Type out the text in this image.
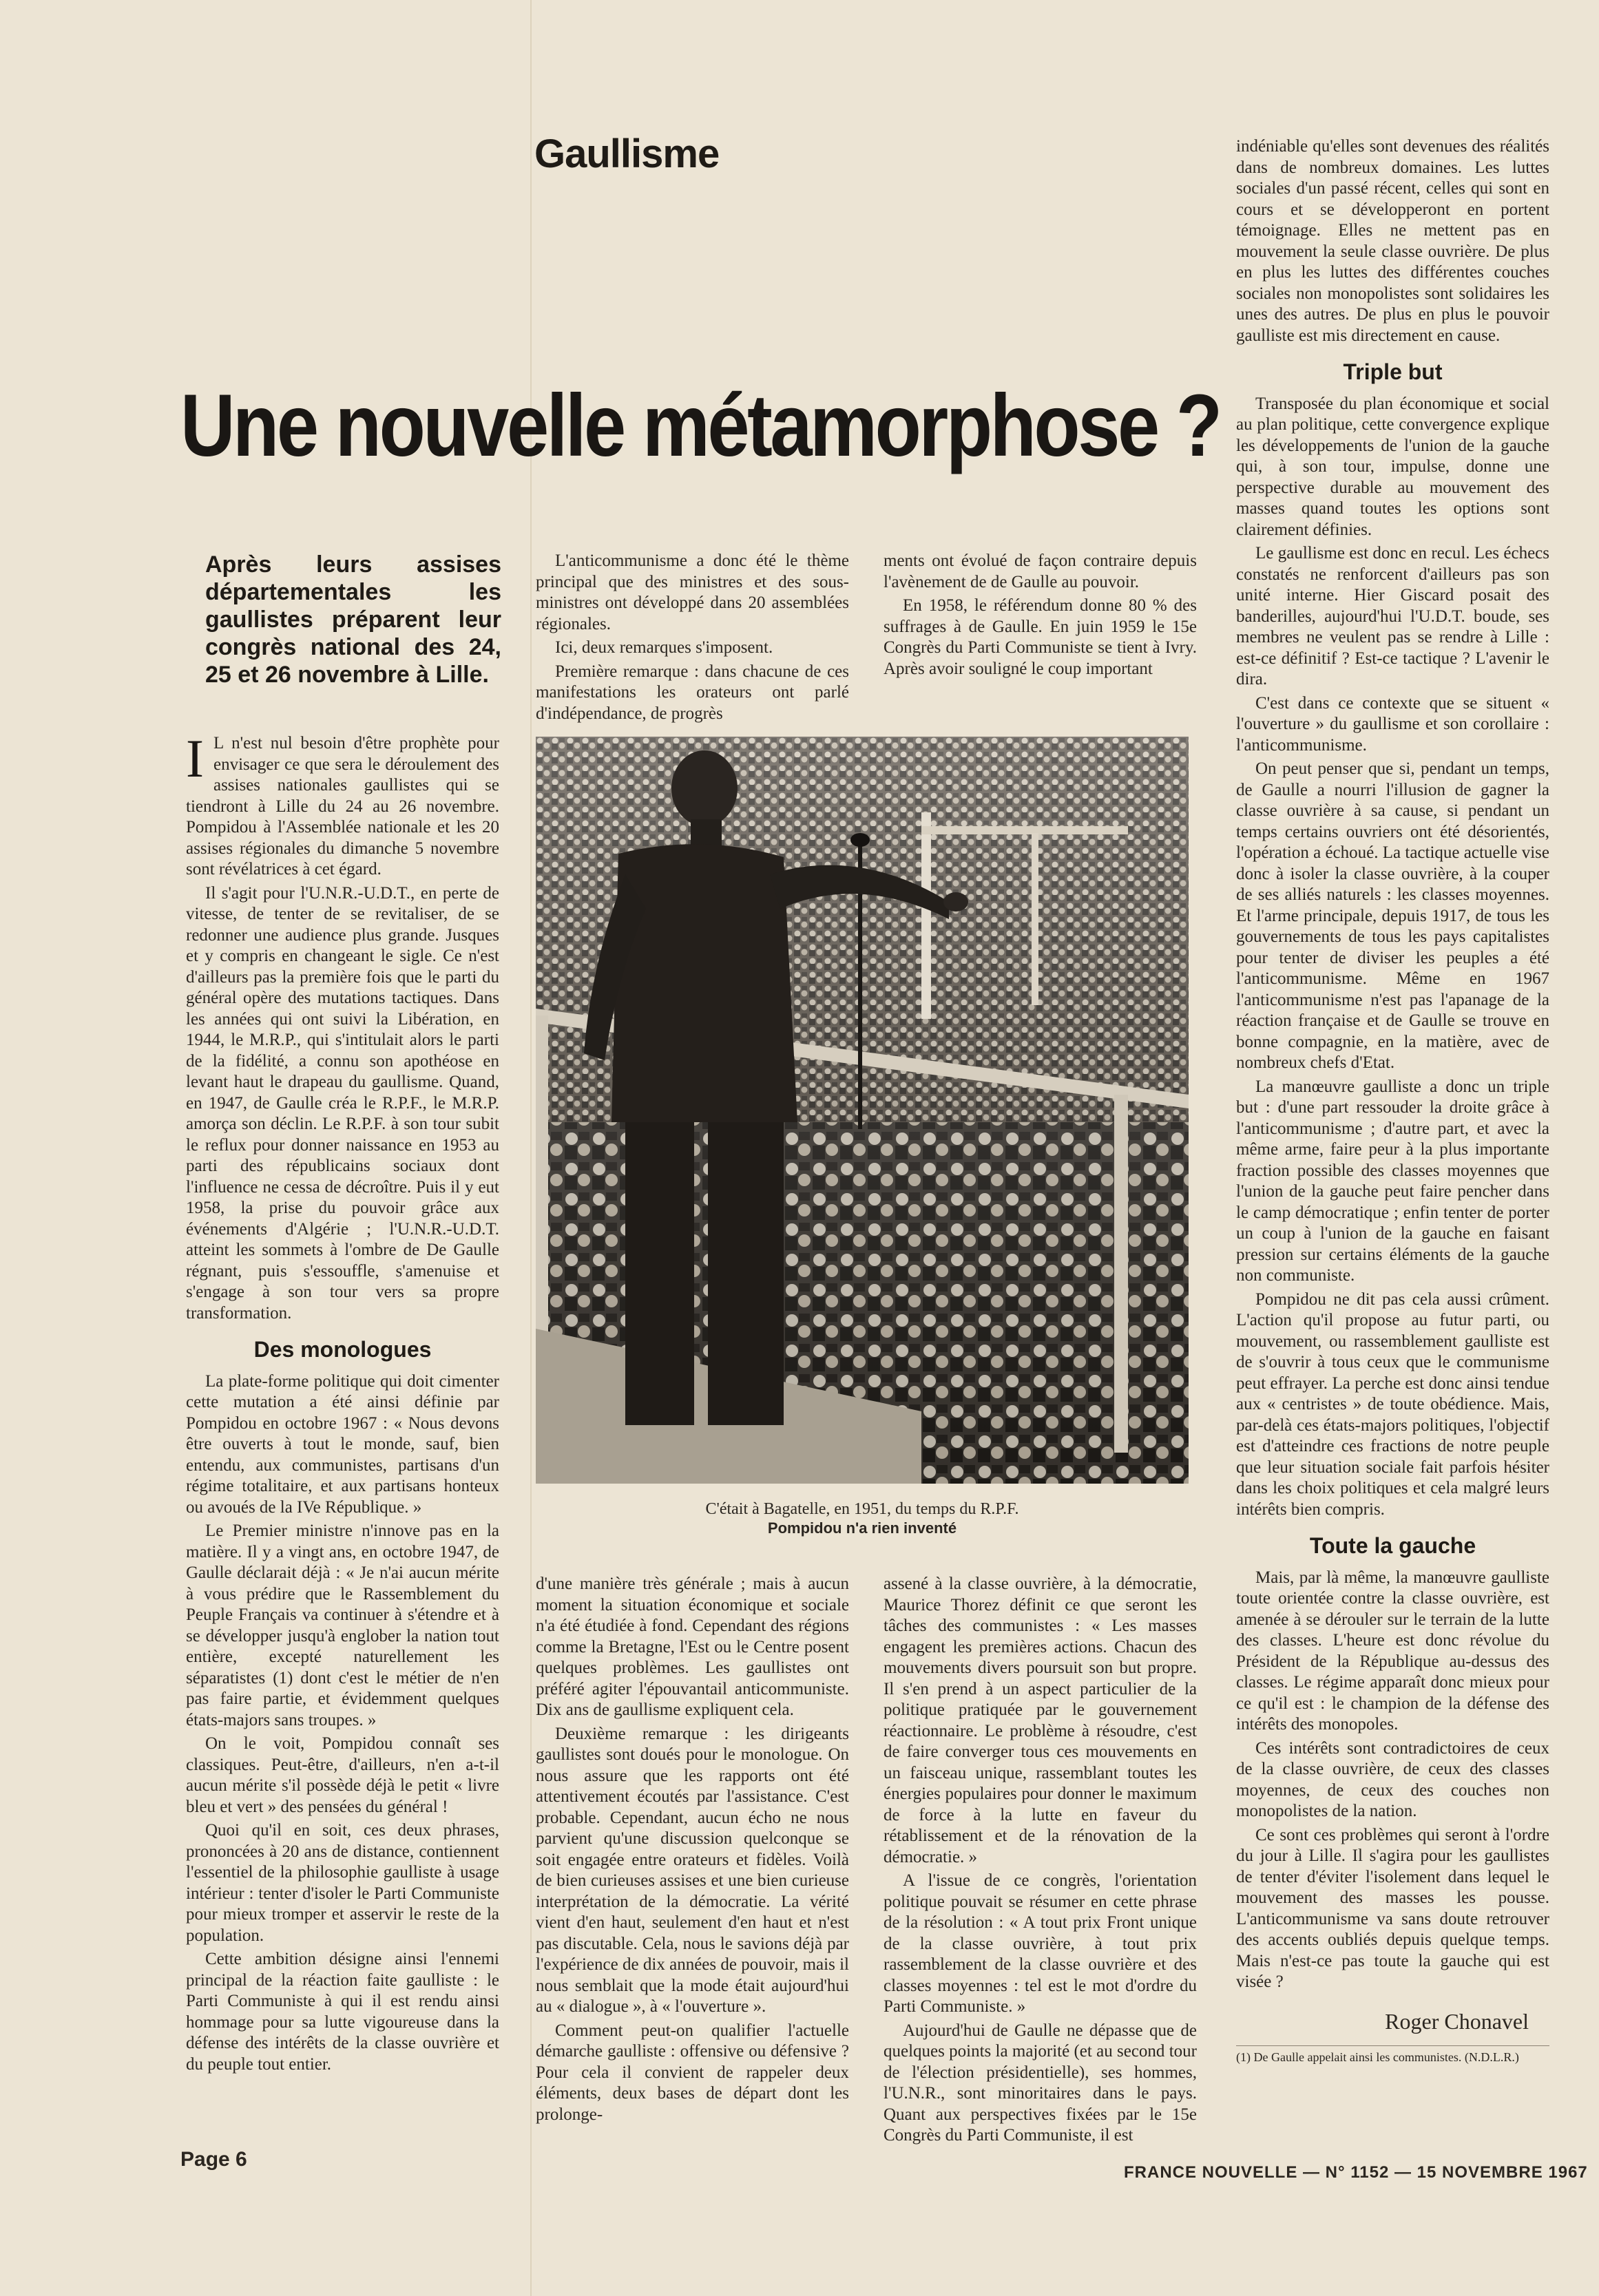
Gaullisme
Une nouvelle métamorphose ?
Après leurs assises départementales les gaullistes préparent leur congrès national des 24, 25 et 26 novembre à Lille.

I L n'est nul besoin d'être prophète pour envisager ce que sera le déroulement des assises nationales gaullistes qui se tiendront à Lille du 24 au 26 novembre. Pompidou à l'Assemblée nationale et les 20 assises régionales du dimanche 5 novembre sont révélatrices à cet égard.

Il s'agit pour l'U.N.R.-U.D.T., en perte de vitesse, de tenter de se revitaliser, de se redonner une audience plus grande. Jusques et y compris en changeant le sigle. Ce n'est d'ailleurs pas la première fois que le parti du général opère des mutations tactiques. Dans les années qui ont suivi la Libération, en 1944, le M.R.P., qui s'intitulait alors le parti de la fidélité, a connu son apothéose en levant haut le drapeau du gaullisme. Quand, en 1947, de Gaulle créa le R.P.F., le M.R.P. amorça son déclin. Le R.P.F. à son tour subit le reflux pour donner naissance en 1953 au parti des républicains sociaux dont l'influence ne cessa de décroître. Puis il y eut 1958, la prise du pouvoir grâce aux événements d'Algérie ; l'U.N.R.-U.D.T. atteint les sommets à l'ombre de De Gaulle régnant, puis s'essouffle, s'amenuise et s'engage à son tour vers sa propre transformation.

Des monologues

La plate-forme politique qui doit cimenter cette mutation a été ainsi définie par Pompidou en octobre 1967 : « Nous devons être ouverts à tout le monde, sauf, bien entendu, aux communistes, partisans d'un régime totalitaire, et aux partisans honteux ou avoués de la IVe République. »

Le Premier ministre n'innove pas en la matière. Il y a vingt ans, en octobre 1947, de Gaulle déclarait déjà : « Je n'ai aucun mérite à vous prédire que le Rassemblement du Peuple Français va continuer à s'étendre et à se développer jusqu'à englober la nation tout entière, excepté naturellement les séparatistes (1) dont c'est le métier de n'en pas faire partie, et évidemment quelques états-majors sans troupes. »

On le voit, Pompidou connaît ses classiques. Peut-être, d'ailleurs, n'en a-t-il aucun mérite s'il possède déjà le petit « livre bleu et vert » des pensées du général !

Quoi qu'il en soit, ces deux phrases, prononcées à 20 ans de distance, contiennent l'essentiel de la philosophie gaulliste à usage intérieur : tenter d'isoler le Parti Communiste pour mieux tromper et asservir le reste de la population.

Cette ambition désigne ainsi l'ennemi principal de la réaction faite gaulliste : le Parti Communiste à qui il est rendu ainsi hommage pour sa lutte vigoureuse dans la défense des intérêts de la classe ouvrière et du peuple tout entier.

L'anticommunisme a donc été le thème principal que des ministres et des sous-ministres ont développé dans 20 assemblées régionales.

Ici, deux remarques s'imposent.

Première remarque : dans chacune de ces manifestations les orateurs ont parlé d'indépendance, de progrès

ments ont évolué de façon contraire depuis l'avènement de de Gaulle au pouvoir.

En 1958, le référendum donne 80 % des suffrages à de Gaulle. En juin 1959 le 15e Congrès du Parti Communiste se tient à Ivry. Après avoir souligné le coup important

C'était à Bagatelle, en 1951, du temps du R.P.F.
Pompidou n'a rien inventé

d'une manière très générale ; mais à aucun moment la situation économique et sociale n'a été étudiée à fond. Cependant des régions comme la Bretagne, l'Est ou le Centre posent quelques problèmes. Les gaullistes ont préféré agiter l'épouvantail anticommuniste. Dix ans de gaullisme expliquent cela.

Deuxième remarque : les dirigeants gaullistes sont doués pour le monologue. On nous assure que les rapports ont été attentivement écoutés par l'assistance. C'est probable. Cependant, aucun écho ne nous parvient qu'une discussion quelconque se soit engagée entre orateurs et fidèles. Voilà de bien curieuses assises et une bien curieuse interprétation de la démocratie. La vérité vient d'en haut, seulement d'en haut et n'est pas discutable. Cela, nous le savions déjà par l'expérience de dix années de pouvoir, mais il nous semblait que la mode était aujourd'hui au « dialogue », à « l'ouverture ».

Comment peut-on qualifier l'actuelle démarche gaulliste : offensive ou défensive ? Pour cela il convient de rappeler deux éléments, deux bases de départ dont les prolonge-

assené à la classe ouvrière, à la démocratie, Maurice Thorez définit ce que seront les tâches des communistes : « Les masses engagent les premières actions. Chacun des mouvements divers poursuit son but propre. Il s'en prend à un aspect particulier de la politique pratiquée par le gouvernement réactionnaire. Le problème à résoudre, c'est de faire converger tous ces mouvements en un faisceau unique, rassemblant toutes les énergies populaires pour donner le maximum de force à la lutte en faveur du rétablissement et de la rénovation de la démocratie. »

A l'issue de ce congrès, l'orientation politique pouvait se résumer en cette phrase de la résolution : « A tout prix Front unique de la classe ouvrière, à tout prix rassemblement de la classe ouvrière et des classes moyennes : tel est le mot d'ordre du Parti Communiste. »

Aujourd'hui de Gaulle ne dépasse que de quelques points la majorité (et au second tour de l'élection présidentielle), ses hommes, l'U.N.R., sont minoritaires dans le pays. Quant aux perspectives fixées par le 15e Congrès du Parti Communiste, il est

indéniable qu'elles sont devenues des réalités dans de nombreux domaines. Les luttes sociales d'un passé récent, celles qui sont en cours et se développeront en portent témoignage. Elles ne mettent pas en mouvement la seule classe ouvrière. De plus en plus les luttes des différentes couches sociales non monopolistes sont solidaires les unes des autres. De plus en plus le pouvoir gaulliste est mis directement en cause.

Triple but

Transposée du plan économique et social au plan politique, cette convergence explique les développements de l'union de la gauche qui, à son tour, impulse, donne une perspective durable au mouvement des masses quand toutes les options sont clairement définies.

Le gaullisme est donc en recul. Les échecs constatés ne renforcent d'ailleurs pas son unité interne. Hier Giscard posait des banderilles, aujourd'hui l'U.D.T. boude, ses membres ne veulent pas se rendre à Lille : est-ce définitif ? Est-ce tactique ? L'avenir le dira.

C'est dans ce contexte que se situent « l'ouverture » du gaullisme et son corollaire : l'anticommunisme.

On peut penser que si, pendant un temps, de Gaulle a nourri l'illusion de gagner la classe ouvrière à sa cause, si pendant un temps certains ouvriers ont été désorientés, l'opération a échoué. La tactique actuelle vise donc à isoler la classe ouvrière, à la couper de ses alliés naturels : les classes moyennes. Et l'arme principale, depuis 1917, de tous les gouvernements de tous les pays capitalistes pour tenter de diviser les peuples a été l'anticommunisme. Même en 1967 l'anticommunisme n'est pas l'apanage de la réaction française et de Gaulle se trouve en bonne compagnie, en la matière, avec de nombreux chefs d'Etat.

La manœuvre gaulliste a donc un triple but : d'une part ressouder la droite grâce à l'anticommunisme ; d'autre part, et avec la même arme, faire peur à la plus importante fraction possible des classes moyennes que l'union de la gauche peut faire pencher dans le camp démocratique ; enfin tenter de porter un coup à l'union de la gauche en faisant pression sur certains éléments de la gauche non communiste.

Pompidou ne dit pas cela aussi crûment. L'action qu'il propose au futur parti, ou mouvement, ou rassemblement gaulliste est de s'ouvrir à tous ceux que le communisme peut effrayer. La perche est donc ainsi tendue aux « centristes » de toute obédience. Mais, par-delà ces états-majors politiques, l'objectif est d'atteindre ces fractions de notre peuple que leur situation sociale fait parfois hésiter dans les choix politiques et cela malgré leurs intérêts bien compris.

Toute la gauche

Mais, par là même, la manœuvre gaulliste toute orientée contre la classe ouvrière, est amenée à se dérouler sur le terrain de la lutte des classes. L'heure est donc révolue du Président de la République au-dessus des classes. Le régime apparaît donc mieux pour ce qu'il est : le champion de la défense des intérêts des monopoles.

Ces intérêts sont contradictoires de ceux de la classe ouvrière, de ceux des classes moyennes, de ceux des couches non monopolistes de la nation.

Ce sont ces problèmes qui seront à l'ordre du jour à Lille. Il s'agira pour les gaullistes de tenter d'éviter l'isolement dans lequel le mouvement des masses les pousse. L'anticommunisme va sans doute retrouver des accents oubliés depuis quelque temps. Mais n'est-ce pas toute la gauche qui est visée ?

Roger Chonavel
(1) De Gaulle appelait ainsi les communistes. (N.D.L.R.)
Page 6
FRANCE NOUVELLE — N° 1152 — 15 NOVEMBRE 1967
